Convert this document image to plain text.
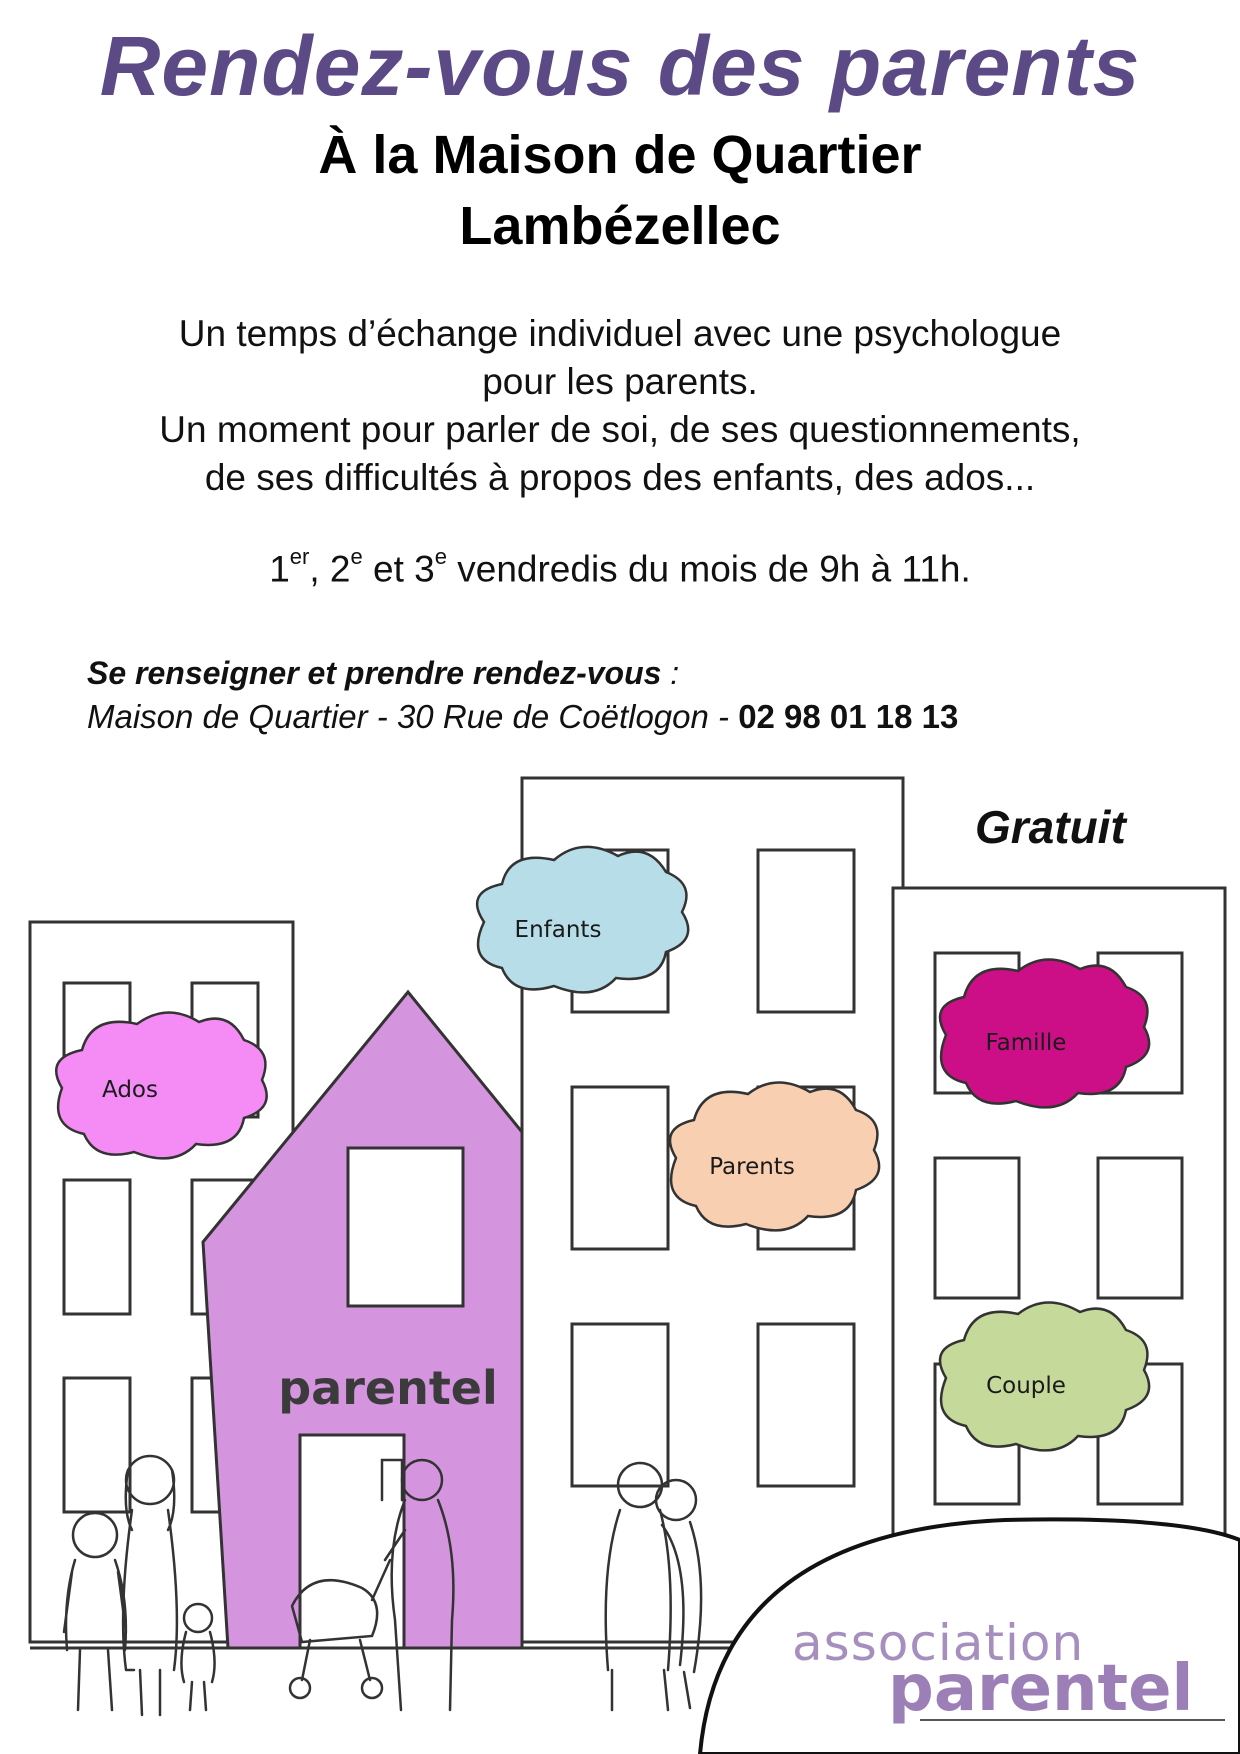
Rendez-vous des parents
À la Maison de Quartier
Lambézellec
Un temps d’échange individuel avec une psychologue
pour les parents.
Un moment pour parler de soi, de ses questionnements,
de ses difficultés à propos des enfants, des ados...
1er, 2e et 3e vendredis du mois de 9h à 11h.
Se renseigner et prendre rendez-vous :
Maison de Quartier - 30 Rue de Coëtlogon - 02 98 01 18 13
parentel
Ados
Enfants
Famille
Parents
Couple
association
parentel
Gratuit
